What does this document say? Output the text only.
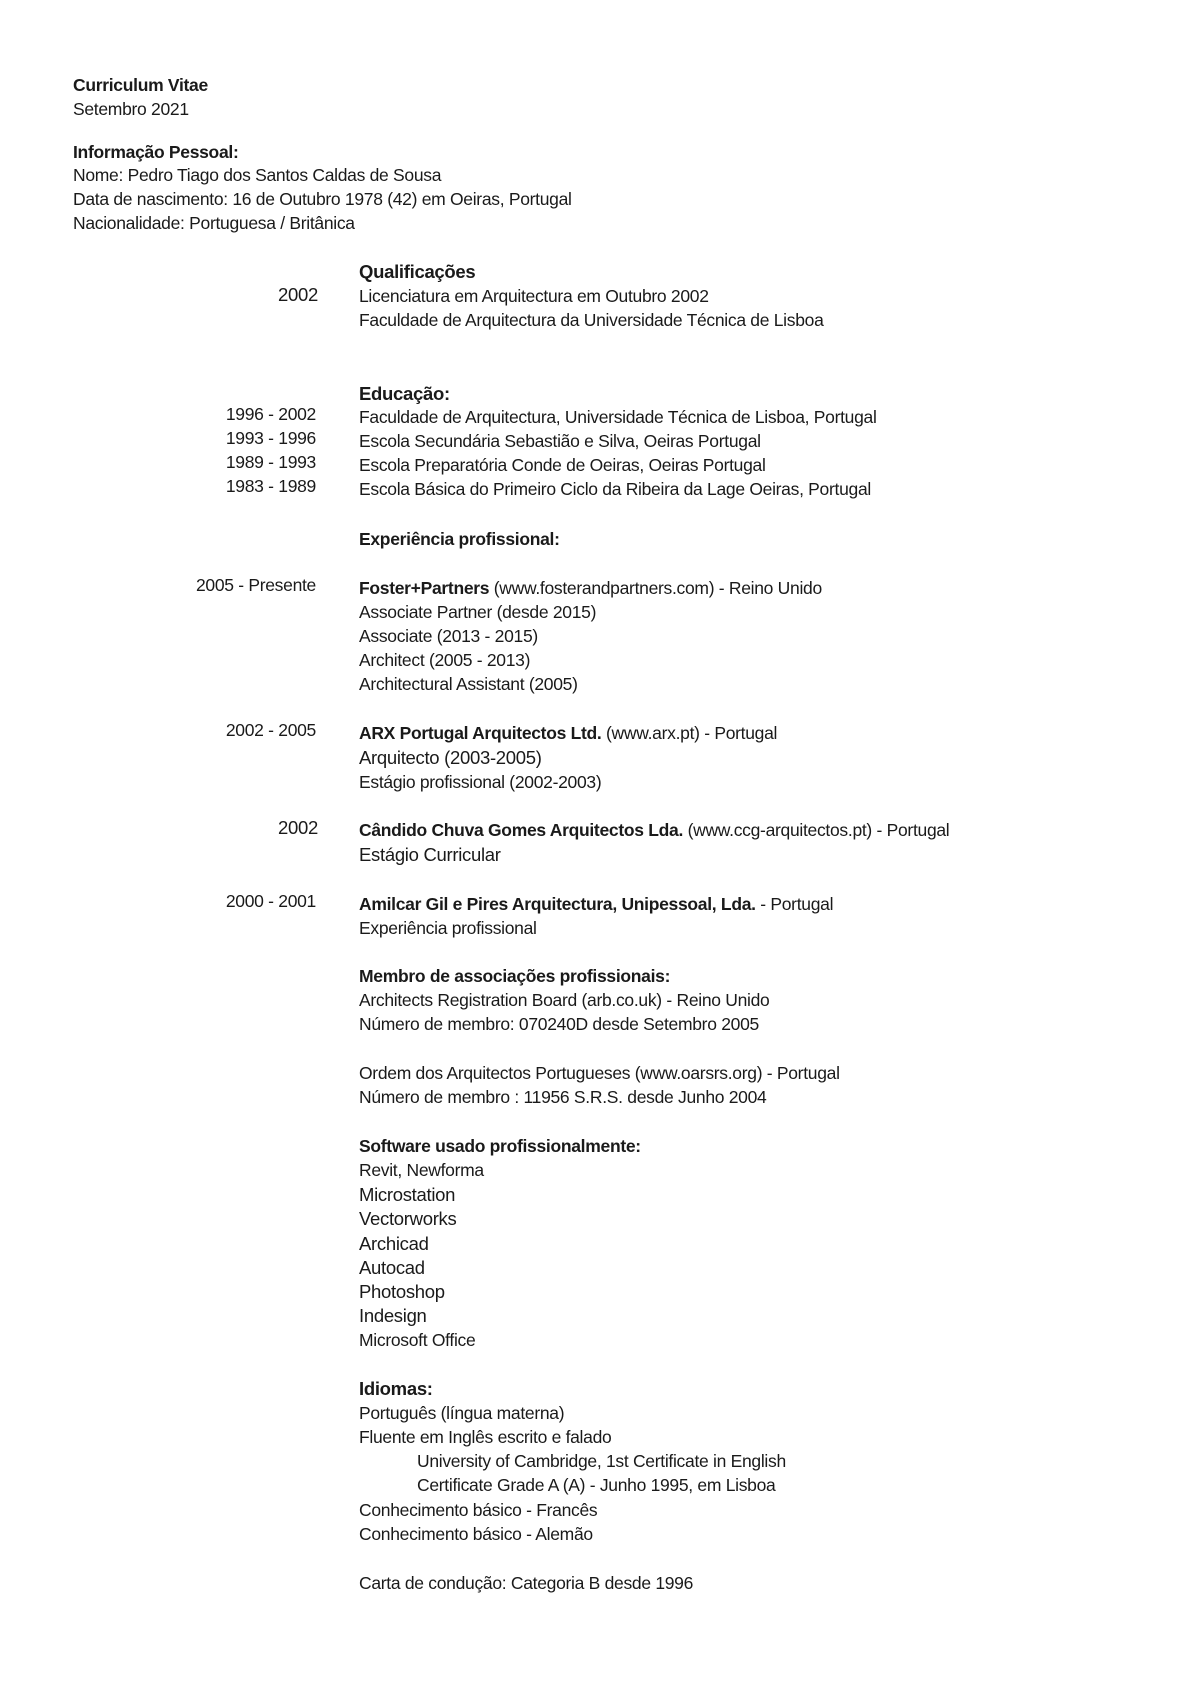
Curriculum Vitae
Setembro 2021
Informação Pessoal:
Nome: Pedro Tiago dos Santos Caldas de Sousa
Data de nascimento: 16 de Outubro 1978 (42) em Oeiras, Portugal
Nacionalidade: Portuguesa / Britânica
Qualificações
2002 Licenciatura em Arquitectura em Outubro 2002
Faculdade de Arquitectura da Universidade Técnica de Lisboa
Educação:
1996 - 2002 Faculdade de Arquitectura, Universidade Técnica de Lisboa, Portugal
1993 - 1996 Escola Secundária Sebastião e Silva, Oeiras Portugal
1989 - 1993 Escola Preparatória Conde de Oeiras, Oeiras Portugal
1983 - 1989 Escola Básica do Primeiro Ciclo da Ribeira da Lage Oeiras, Portugal
Experiência profissional:
2005 - Presente Foster+Partners (www.fosterandpartners.com) - Reino Unido
Associate Partner (desde 2015)
Associate (2013 - 2015)
Architect (2005 - 2013)
Architectural Assistant (2005)
2002 - 2005 ARX Portugal Arquitectos Ltd. (www.arx.pt) - Portugal
Arquitecto (2003-2005)
Estágio profissional (2002-2003)
2002 Cândido Chuva Gomes Arquitectos Lda. (www.ccg-arquitectos.pt) - Portugal
Estágio Curricular
2000 - 2001 Amilcar Gil e Pires Arquitectura, Unipessoal, Lda. - Portugal
Experiência profissional
Membro de associações profissionais:
Architects Registration Board (arb.co.uk) - Reino Unido
Número de membro: 070240D desde Setembro 2005
Ordem dos Arquitectos Portugueses (www.oarsrs.org) - Portugal
Número de membro : 11956 S.R.S. desde Junho 2004
Software usado profissionalmente:
Revit, Newforma
Microstation
Vectorworks
Archicad
Autocad
Photoshop
Indesign
Microsoft Office
Idiomas:
Português (língua materna)
Fluente em Inglês escrito e falado
University of Cambridge, 1st Certificate in English
Certificate Grade A (A) - Junho 1995, em Lisboa
Conhecimento básico - Francês
Conhecimento básico - Alemão
Carta de condução: Categoria B desde 1996
